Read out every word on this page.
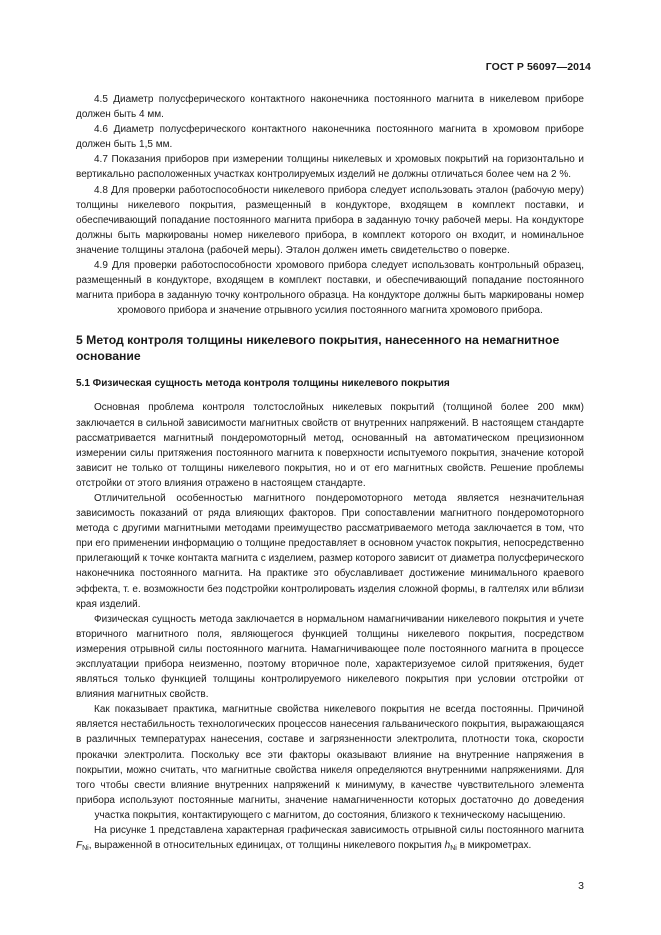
ГОСТ Р 56097—2014

4.5 Диаметр полусферического контактного наконечника постоянного магнита в никелевом приборе должен быть 4 мм.

4.6 Диаметр полусферического контактного наконечника постоянного магнита в хромовом приборе должен быть 1,5 мм.

4.7 Показания приборов при измерении толщины никелевых и хромовых покрытий на горизонтально и вертикально расположенных участках контролируемых изделий не должны отличаться более чем на 2 %.

4.8 Для проверки работоспособности никелевого прибора следует использовать эталон (рабочую меру) толщины никелевого покрытия, размещенный в кондукторе, входящем в комплект поставки, и обеспечивающий попадание постоянного магнита прибора в заданную точку рабочей меры. На кондукторе должны быть маркированы номер никелевого прибора, в комплект которого он входит, и номинальное значение толщины эталона (рабочей меры). Эталон должен иметь свидетельство о поверке.

4.9 Для проверки работоспособности хромового прибора следует использовать контрольный образец, размещенный в кондукторе, входящем в комплект поставки, и обеспечивающий попадание постоянного магнита прибора в заданную точку контрольного образца. На кондукторе должны быть маркированы номер хромового прибора и значение отрывного усилия постоянного магнита хромового прибора.

5 Метод контроля толщины никелевого покрытия, нанесенного на немагнитное основание
5.1 Физическая сущность метода контроля толщины никелевого покрытия

Основная проблема контроля толстослойных никелевых покрытий (толщиной более 200 мкм) заключается в сильной зависимости магнитных свойств от внутренних напряжений. В настоящем стандарте рассматривается магнитный пондеромоторный метод, основанный на автоматическом прецизионном измерении силы притяжения постоянного магнита к поверхности испытуемого покрытия, значение которой зависит не только от толщины никелевого покрытия, но и от его магнитных свойств. Решение проблемы отстройки от этого влияния отражено в настоящем стандарте.

Отличительной особенностью магнитного пондеромоторного метода является незначительная зависимость показаний от ряда влияющих факторов. При сопоставлении магнитного пондеромоторного метода с другими магнитными методами преимущество рассматриваемого метода заключается в том, что при его применении информацию о толщине предоставляет в основном участок покрытия, непосредственно прилегающий к точке контакта магнита с изделием, размер которого зависит от диаметра полусферического наконечника постоянного магнита. На практике это обуславливает достижение минимального краевого эффекта, т. е. возможности без подстройки контролировать изделия сложной формы, в галтелях или вблизи края изделий.

Физическая сущность метода заключается в нормальном намагничивании никелевого покрытия и учете вторичного магнитного поля, являющегося функцией толщины никелевого покрытия, посредством измерения отрывной силы постоянного магнита. Намагничивающее поле постоянного магнита в процессе эксплуатации прибора неизменно, поэтому вторичное поле, характеризуемое силой притяжения, будет являться только функцией толщины контролируемого никелевого покрытия при условии отстройки от влияния магнитных свойств.

Как показывает практика, магнитные свойства никелевого покрытия не всегда постоянны. Причиной является нестабильность технологических процессов нанесения гальванического покрытия, выражающаяся в различных температурах нанесения, составе и загрязненности электролита, плотности тока, скорости прокачки электролита. Поскольку все эти факторы оказывают влияние на внутренние напряжения в покрытии, можно считать, что магнитные свойства никеля определяются внутренними напряжениями. Для того чтобы свести влияние внутренних напряжений к минимуму, в качестве чувствительного элемента прибора используют постоянные магниты, значение намагниченности которых достаточно до доведения участка покрытия, контактирующего с магнитом, до состояния, близкого к техническому насыщению.

На рисунке 1 представлена характерная графическая зависимость отрывной силы постоянного магнита $F_{Ni}$, выраженной в относительных единицах, от толщины никелевого покрытия $h_{Ni}$ в микрометрах.

3
